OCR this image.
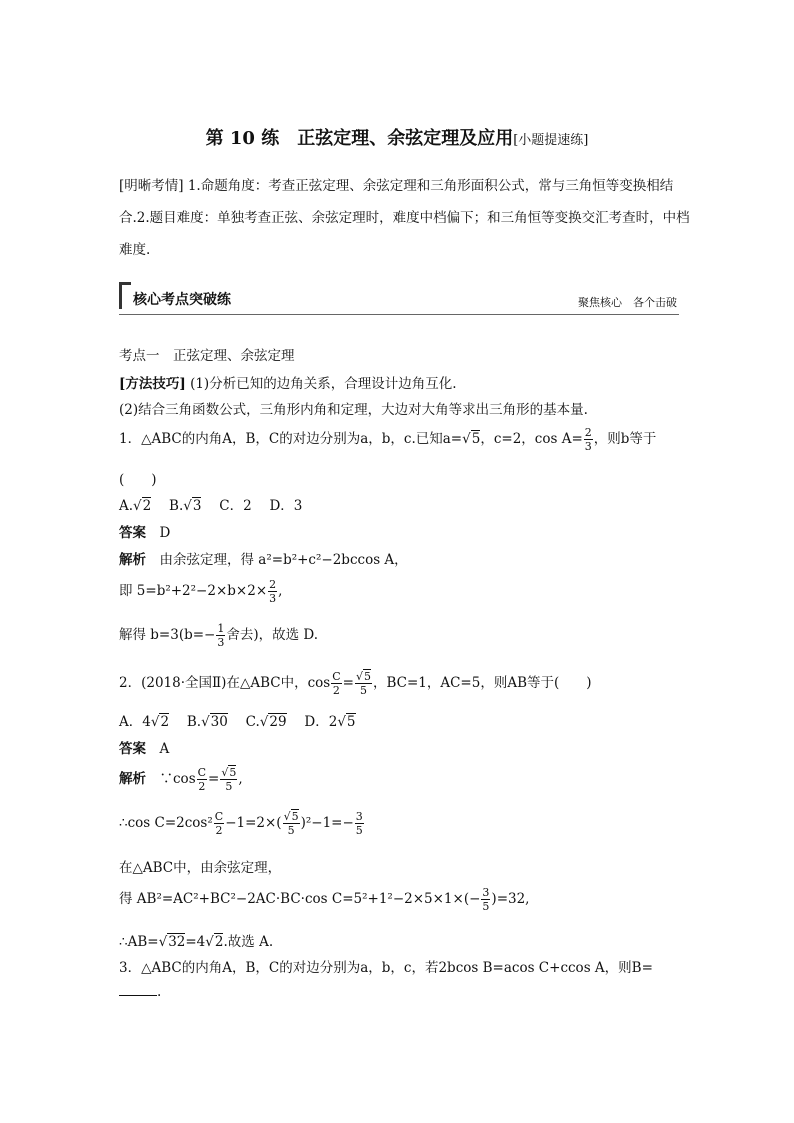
第 10 练　正弦定理、余弦定理及应用[小题提速练]
[明晰考情] 1.命题角度：考查正弦定理、余弦定理和三角形面积公式，常与三角恒等变换相结合.2.题目难度：单独考查正弦、余弦定理时，难度中档偏下；和三角恒等变换交汇考查时，中档难度.
核心考点突破练	聚焦核心　各个击破
考点一　正弦定理、余弦定理
[方法技巧] (1)分析已知的边角关系，合理设计边角互化.
(2)结合三角函数公式，三角形内角和定理，大边对大角等求出三角形的基本量.
1．△ABC的内角A，B，C的对边分别为a，b，c.已知a=√5，c=2，$\cos A= \frac{2}{3}$ ，则b等于
(　　)
A.√2　 B.√3　 C．2　 D．3
答案　 D
解析　 由余弦定理，得 a²=b²+c²−2bccos A，
即 $5=b^2+2^2-2\times b\times 2\times \frac{2}{3}$ ,
解得 $b=3(b=- \frac{1}{3}$ 舍去)，故选 D.
2．(2018·全国Ⅱ)在△ABC中，$\cos \frac{C}{2} = \frac{√5}{5}$ ，BC=1，AC=5，则AB等于(　　)
A．4√2　 B.√30　 C.√29　 D．2√5
答案　 A
解析　 ∵cos $\frac{C}{2} = \frac{√5}{5}$ ,
∴cos $C=2\cos^2 \frac{C}{2} -1=2\times( \frac{√5}{5} )^2-1=- \frac{3}{5}$
在△ABC中，由余弦定理，
得 AB²=AC²+BC²−2AC·BC·cos $C=5^2+1^2-2\times 5\times 1\times(- \frac{3}{5} )=32$,
∴AB=√32=4√2.故选 A.
3．△ABC的内角A，B，C的对边分别为a，b，c，若2bcos B=acos C+ccos A，则B=
.
